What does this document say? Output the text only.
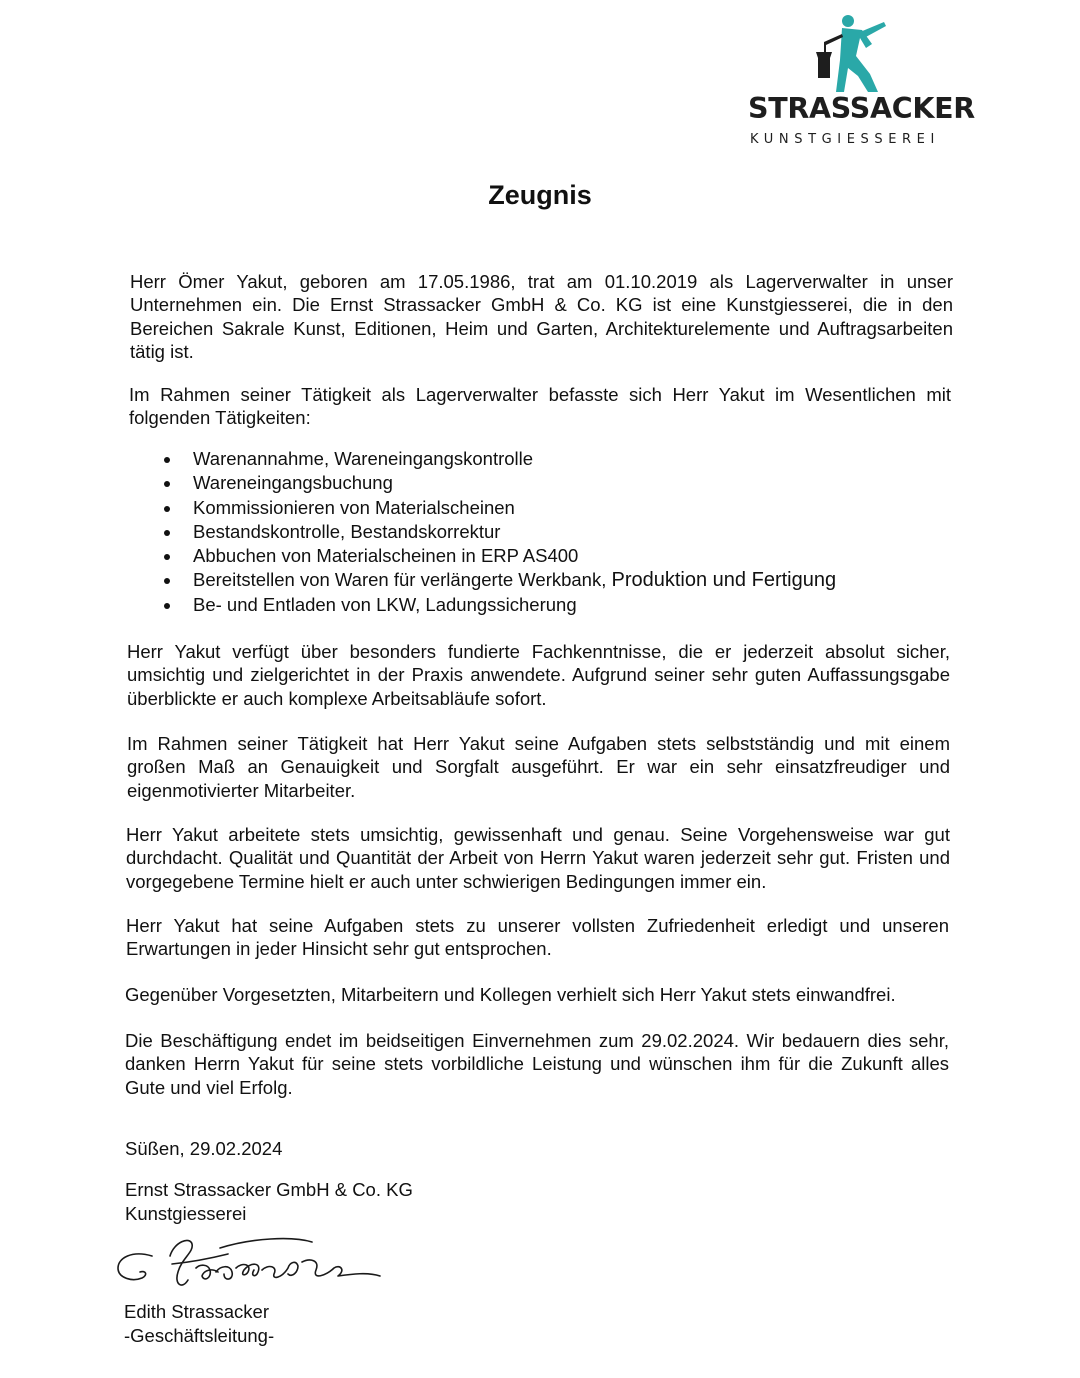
STRASSACKER
KUNSTGIESSEREI
Zeugnis

Herr Ömer Yakut, geboren am 17.05.1986, trat am 01.10.2019 als Lagerverwalter in unser Unternehmen ein. Die Ernst Strassacker GmbH & Co. KG ist eine Kunstgiesserei, die in den Bereichen Sakrale Kunst, Editionen, Heim und Garten, Architekturelemente und Auftragsarbeiten tätig ist.

Im Rahmen seiner Tätigkeit als Lagerverwalter befasste sich Herr Yakut im Wesentlichen mit folgenden Tätigkeiten:

Warenannahme, Wareneingangskontrolle
Wareneingangsbuchung
Kommissionieren von Materialscheinen
Bestandskontrolle, Bestandskorrektur
Abbuchen von Materialscheinen in ERP AS400
Bereitstellen von Waren für verlängerte Werkbank, Produktion und Fertigung
Be- und Entladen von LKW, Ladungssicherung

Herr Yakut verfügt über besonders fundierte Fachkenntnisse, die er jederzeit absolut sicher, umsichtig und zielgerichtet in der Praxis anwendete. Aufgrund seiner sehr guten Auffassungsgabe überblickte er auch komplexe Arbeitsabläufe sofort.

Im Rahmen seiner Tätigkeit hat Herr Yakut seine Aufgaben stets selbstständig und mit einem großen Maß an Genauigkeit und Sorgfalt ausgeführt. Er war ein sehr einsatzfreudiger und eigenmotivierter Mitarbeiter.

Herr Yakut arbeitete stets umsichtig, gewissenhaft und genau. Seine Vorgehensweise war gut durchdacht. Qualität und Quantität der Arbeit von Herrn Yakut waren jederzeit sehr gut. Fristen und vorgegebene Termine hielt er auch unter schwierigen Bedingungen immer ein.

Herr Yakut hat seine Aufgaben stets zu unserer vollsten Zufriedenheit erledigt und unseren Erwartungen in jeder Hinsicht sehr gut entsprochen.

Gegenüber Vorgesetzten, Mitarbeitern und Kollegen verhielt sich Herr Yakut stets einwandfrei.

Die Beschäftigung endet im beidseitigen Einvernehmen zum 29.02.2024. Wir bedauern dies sehr, danken Herrn Yakut für seine stets vorbildliche Leistung und wünschen ihm für die Zukunft alles Gute und viel Erfolg.

Süßen, 29.02.2024
Ernst Strassacker GmbH & Co. KG
Kunstgiesserei
Edith Strassacker
-Geschäftsleitung-
